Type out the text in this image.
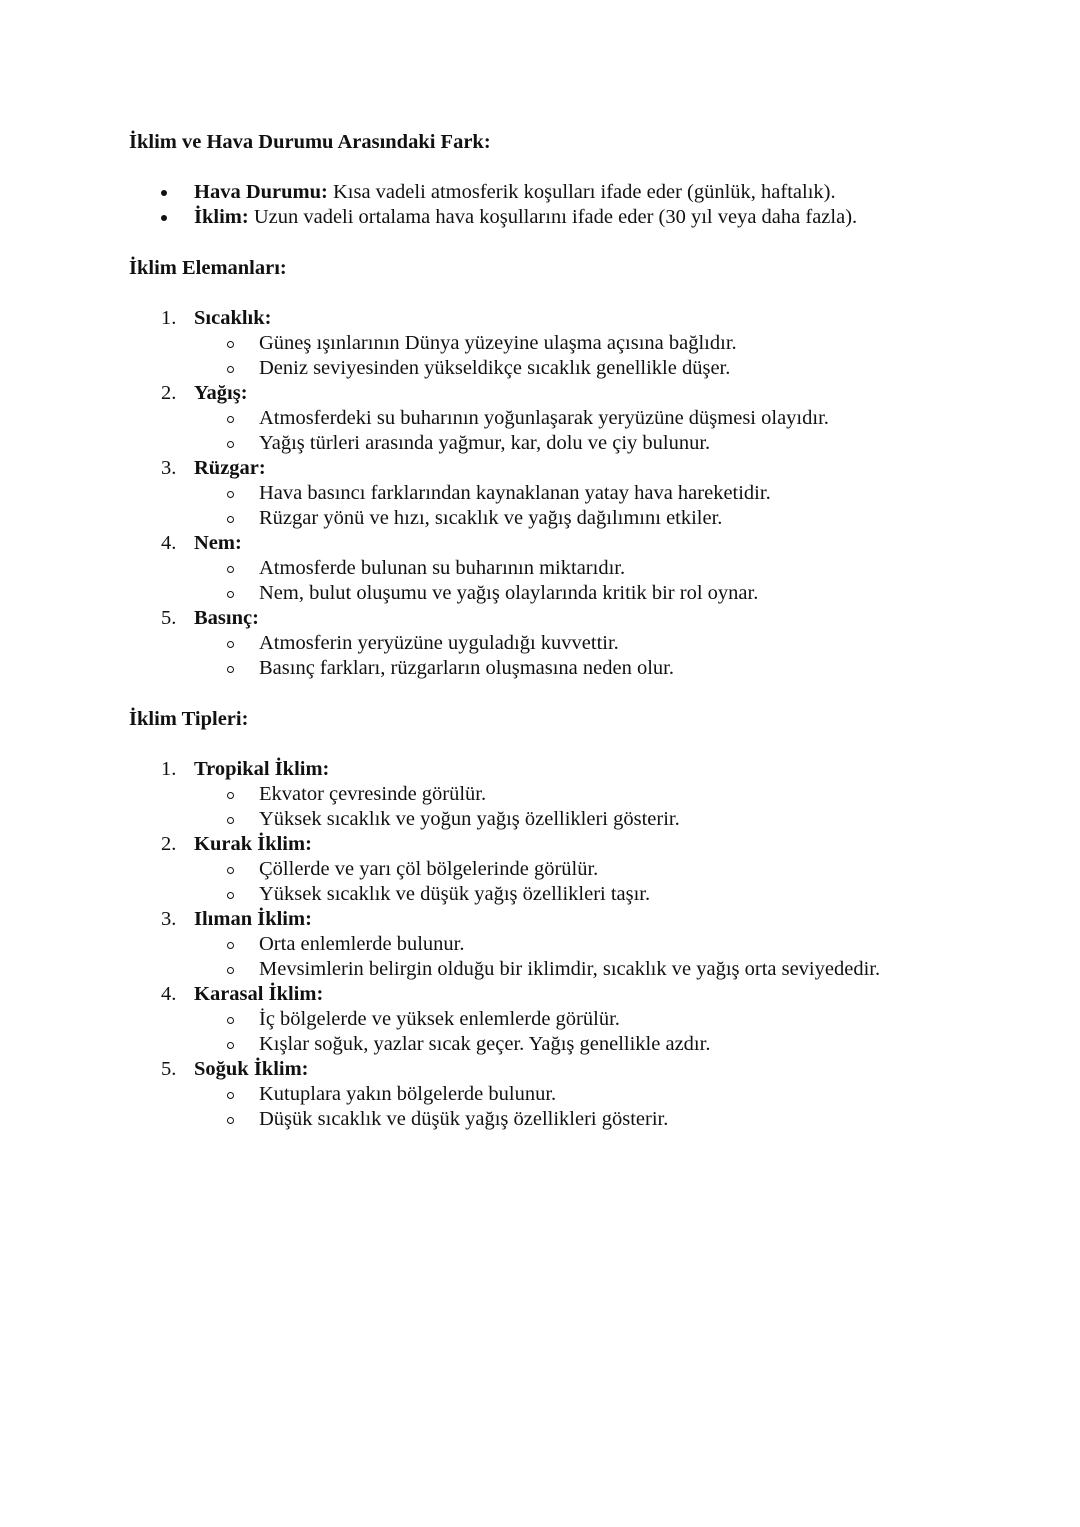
İklim ve Hava Durumu Arasındaki Fark:
Hava Durumu: Kısa vadeli atmosferik koşulları ifade eder (günlük, haftalık).
İklim: Uzun vadeli ortalama hava koşullarını ifade eder (30 yıl veya daha fazla).
İklim Elemanları:
1. Sıcaklık:
Güneş ışınlarının Dünya yüzeyine ulaşma açısına bağlıdır.
Deniz seviyesinden yükseldikçe sıcaklık genellikle düşer.
2. Yağış:
Atmosferdeki su buharının yoğunlaşarak yeryüzüne düşmesi olayıdır.
Yağış türleri arasında yağmur, kar, dolu ve çiy bulunur.
3. Rüzgar:
Hava basıncı farklarından kaynaklanan yatay hava hareketidir.
Rüzgar yönü ve hızı, sıcaklık ve yağış dağılımını etkiler.
4. Nem:
Atmosferde bulunan su buharının miktarıdır.
Nem, bulut oluşumu ve yağış olaylarında kritik bir rol oynar.
5. Basınç:
Atmosferin yeryüzüne uyguladığı kuvvettir.
Basınç farkları, rüzgarların oluşmasına neden olur.
İklim Tipleri:
1. Tropikal İklim:
Ekvator çevresinde görülür.
Yüksek sıcaklık ve yoğun yağış özellikleri gösterir.
2. Kurak İklim:
Çöllerde ve yarı çöl bölgelerinde görülür.
Yüksek sıcaklık ve düşük yağış özellikleri taşır.
3. Ilıman İklim:
Orta enlemlerde bulunur.
Mevsimlerin belirgin olduğu bir iklimdir, sıcaklık ve yağış orta seviyededir.
4. Karasal İklim:
İç bölgelerde ve yüksek enlemlerde görülür.
Kışlar soğuk, yazlar sıcak geçer. Yağış genellikle azdır.
5. Soğuk İklim:
Kutuplara yakın bölgelerde bulunur.
Düşük sıcaklık ve düşük yağış özellikleri gösterir.
